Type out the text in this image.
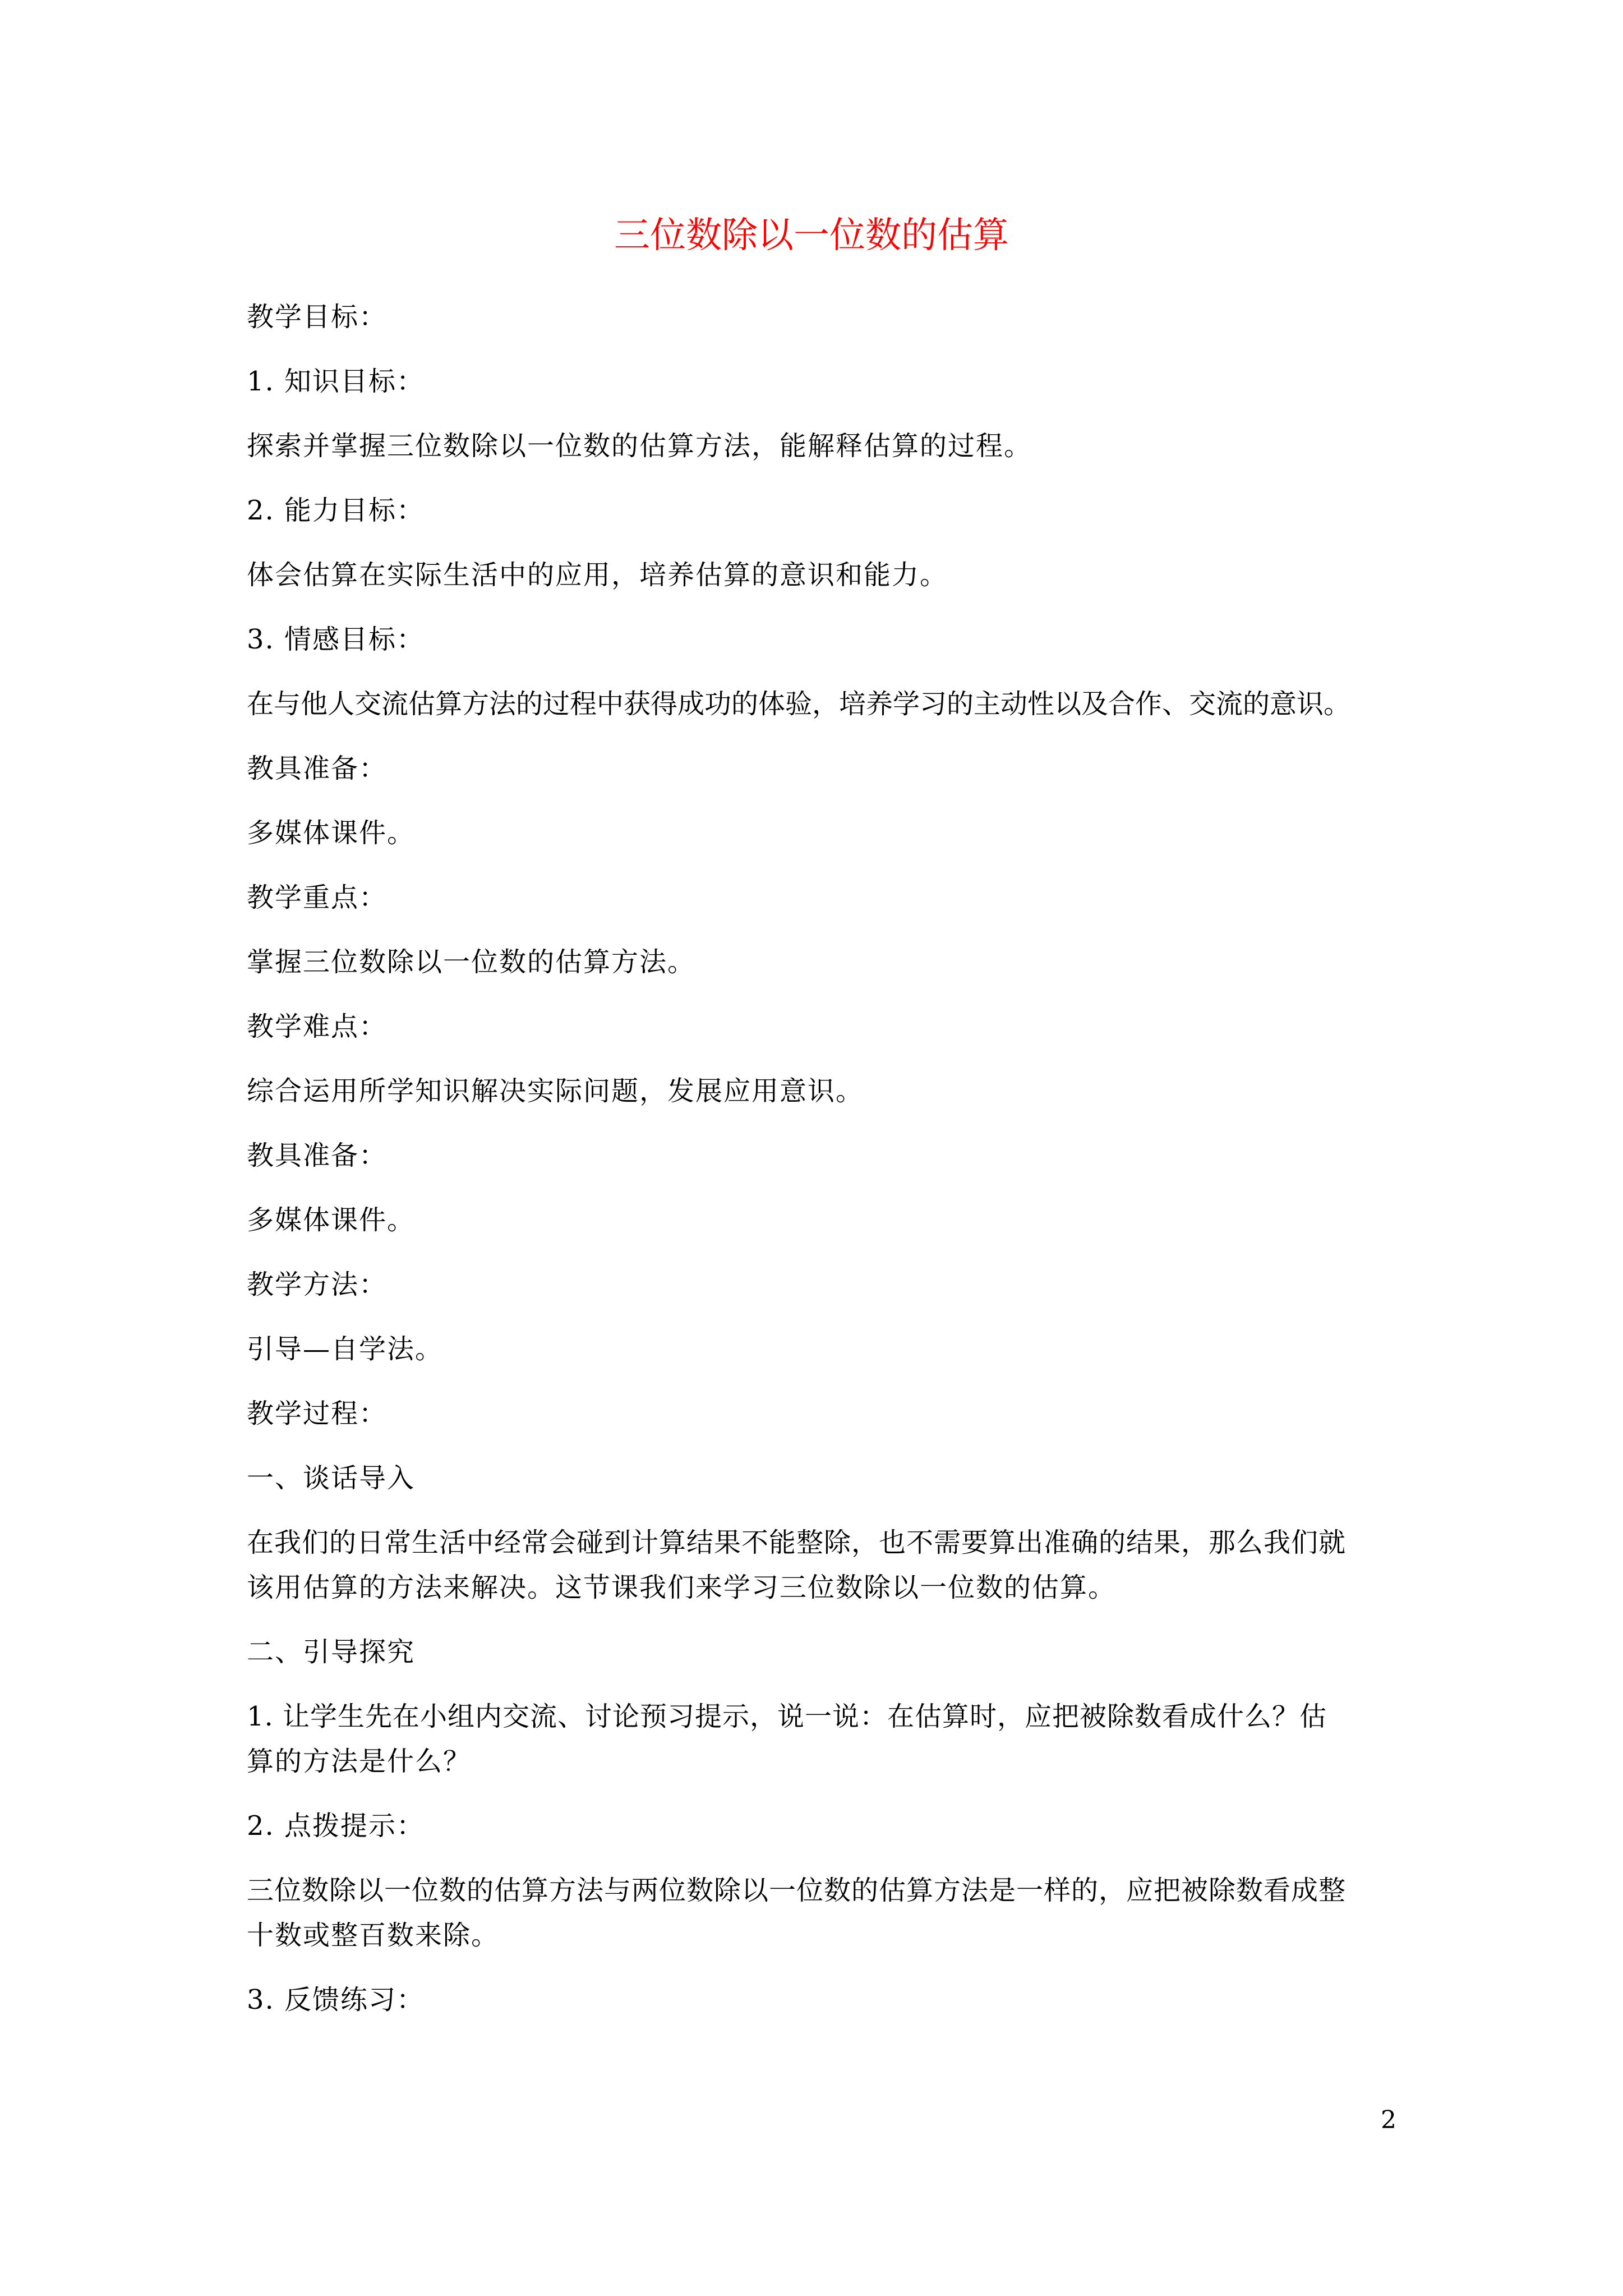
三位数除以一位数的估算

教学目标：

1. 知识目标：

探索并掌握三位数除以一位数的估算方法，能解释估算的过程。

2. 能力目标：

体会估算在实际生活中的应用，培养估算的意识和能力。

3. 情感目标：

在与他人交流估算方法的过程中获得成功的体验，培养学习的主动性以及合作、交流的意识。

教具准备：

多媒体课件。

教学重点：

掌握三位数除以一位数的估算方法。

教学难点：

综合运用所学知识解决实际问题，发展应用意识。

教具准备：

多媒体课件。

教学方法：

引导—自学法。

教学过程：

一、谈话导入

在我们的日常生活中经常会碰到计算结果不能整除，也不需要算出准确的结果，那么我们就

该用估算的方法来解决。这节课我们来学习三位数除以一位数的估算。

二、引导探究

1. 让学生先在小组内交流、讨论预习提示，说一说：在估算时，应把被除数看成什么？估

算的方法是什么？

2. 点拨提示：

三位数除以一位数的估算方法与两位数除以一位数的估算方法是一样的，应把被除数看成整

十数或整百数来除。

3. 反馈练习：

2
